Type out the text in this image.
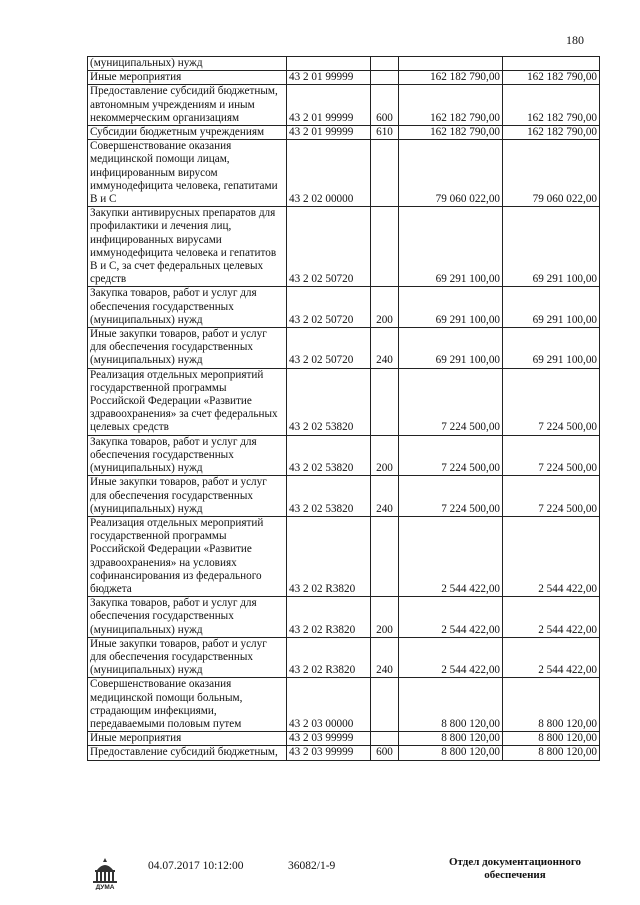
180
(муниципальных) нужд				
Иные мероприятия	43 2 01 99999		162 182 790,00	162 182 790,00
Предоставление субсидий бюджетным, автономным учреждениям и иным некоммерческим организациям	43 2 01 99999	600	162 182 790,00	162 182 790,00
Субсидии бюджетным учреждениям	43 2 01 99999	610	162 182 790,00	162 182 790,00
Совершенствование оказания медицинской помощи лицам, инфицированным вирусом иммунодефицита человека, гепатитами В и С	43 2 02 00000		79 060 022,00	79 060 022,00
Закупки антивирусных препаратов для профилактики и лечения лиц, инфицированных вирусами иммунодефицита человека и гепатитов В и С, за счет федеральных целевых средств	43 2 02 50720		69 291 100,00	69 291 100,00
Закупка товаров, работ и услуг для обеспечения государственных (муниципальных) нужд	43 2 02 50720	200	69 291 100,00	69 291 100,00
Иные закупки товаров, работ и услуг для обеспечения государственных (муниципальных) нужд	43 2 02 50720	240	69 291 100,00	69 291 100,00
Реализация отдельных мероприятий государственной программы Российской Федерации «Развитие здравоохранения» за счет федеральных целевых средств	43 2 02 53820		7 224 500,00	7 224 500,00
Закупка товаров, работ и услуг для обеспечения государственных (муниципальных) нужд	43 2 02 53820	200	7 224 500,00	7 224 500,00
Иные закупки товаров, работ и услуг для обеспечения государственных (муниципальных) нужд	43 2 02 53820	240	7 224 500,00	7 224 500,00
Реализация отдельных мероприятий государственной программы Российской Федерации «Развитие здравоохранения» на условиях софинансирования из федерального бюджета	43 2 02 R3820		2 544 422,00	2 544 422,00
Закупка товаров, работ и услуг для обеспечения государственных (муниципальных) нужд	43 2 02 R3820	200	2 544 422,00	2 544 422,00
Иные закупки товаров, работ и услуг для обеспечения государственных (муниципальных) нужд	43 2 02 R3820	240	2 544 422,00	2 544 422,00
Совершенствование оказания медицинской помощи больным, страдающим инфекциями, передаваемыми половым путем	43 2 03 00000		8 800 120,00	8 800 120,00
Иные мероприятия	43 2 03 99999		8 800 120,00	8 800 120,00
Предоставление субсидий бюджетным,	43 2 03 99999	600	8 800 120,00	8 800 120,00
ДУМА
04.07.2017 10:12:00	36082/1-9	Отдел документационного
обеспечения
